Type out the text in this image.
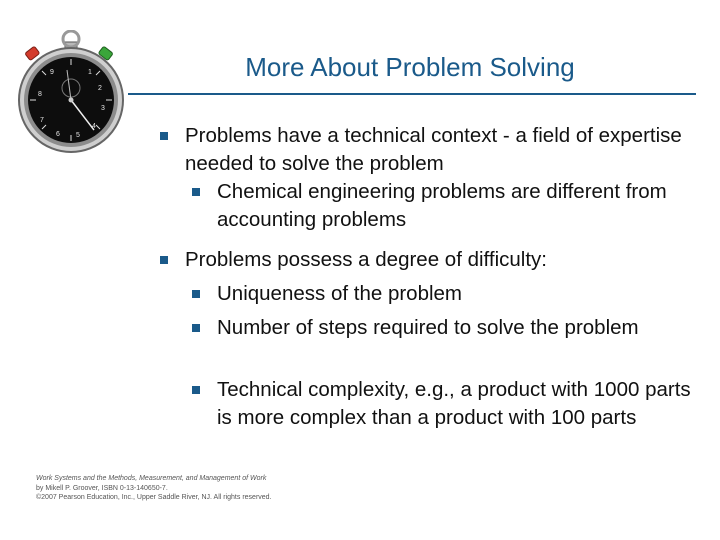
9	1
2
3
4
5
6
7
8
More About Problem Solving
Problems have a technical context - a field of expertise needed to solve the problem
Chemical engineering problems are different from accounting problems
Problems possess a degree of difficulty:
Uniqueness of the problem
Number of steps required to solve the problem
Technical complexity, e.g., a product with 1000 parts is more complex than a product with 100 parts
Work Systems and the Methods, Measurement, and Management of Work
by Mikell P. Groover, ISBN 0-13-140650-7.
©2007 Pearson Education, Inc., Upper Saddle River, NJ. All rights reserved.
